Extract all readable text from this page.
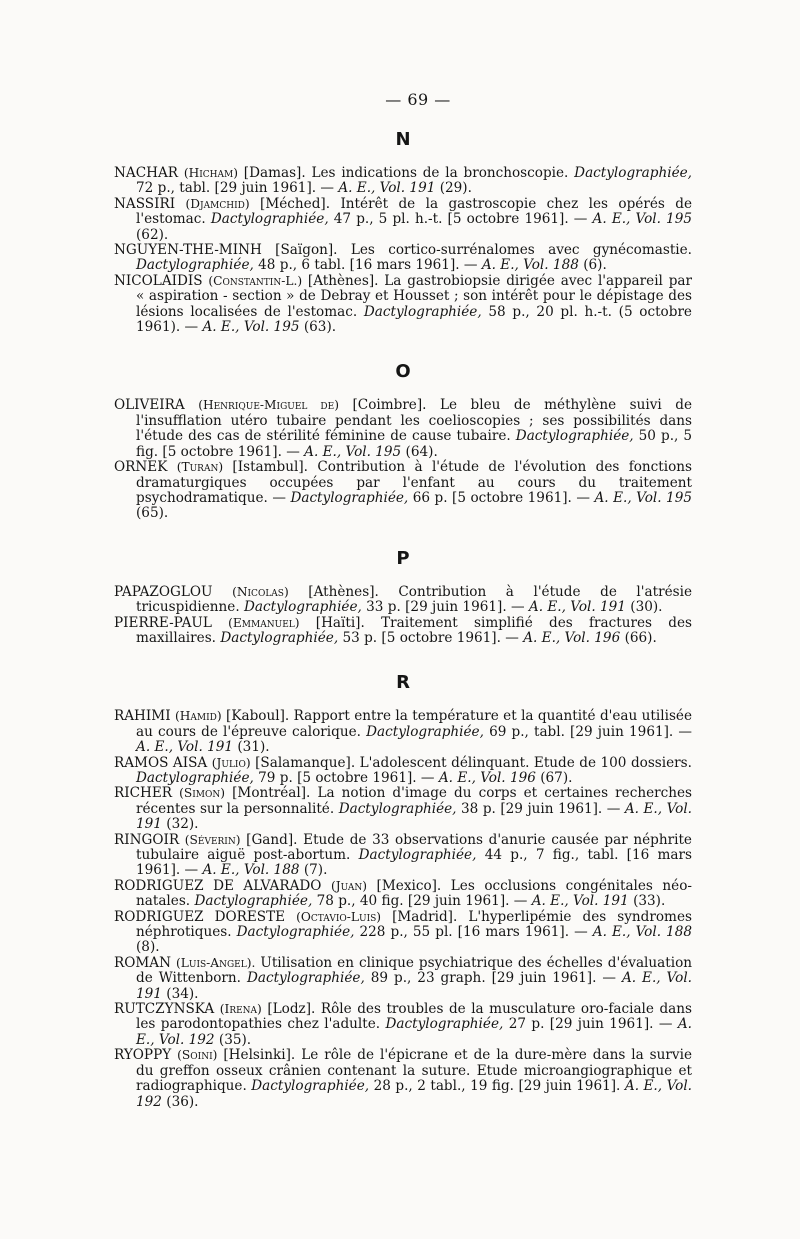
— 69 —
N

NACHAR (Hicham) [Damas]. Les indications de la bronchoscopie. Dactylographiée, 72 p., tabl. [29 juin 1961]. — A. E., Vol. 191 (29).

NASSIRI (Djamchid) [Méched]. Intérêt de la gastroscopie chez les opérés de l'estomac. Dactylographiée, 47 p., 5 pl. h.-t. [5 octobre 1961]. — A. E., Vol. 195 (62).

NGUYEN-THE-MINH [Saïgon]. Les cortico-surrénalomes avec gynécomastie. Dactylographiée, 48 p., 6 tabl. [16 mars 1961]. — A. E., Vol. 188 (6).

NICOLAIDIS (Constantin-L.) [Athènes]. La gastrobiopsie dirigée avec l'appareil par « aspiration - section » de Debray et Housset ; son intérêt pour le dépistage des lésions localisées de l'estomac. Dactylographiée, 58 p., 20 pl. h.-t. (5 octobre 1961). — A. E., Vol. 195 (63).

O

OLIVEIRA (Henrique-Miguel de) [Coimbre]. Le bleu de méthylène suivi de l'insufflation utéro tubaire pendant les coelioscopies ; ses possibilités dans l'étude des cas de stérilité féminine de cause tubaire. Dactylographiée, 50 p., 5 fig. [5 octobre 1961]. — A. E., Vol. 195 (64).

ORNEK (Turan) [Istambul]. Contribution à l'étude de l'évolution des fonctions dramaturgiques occupées par l'enfant au cours du traitement psychodramatique. — Dactylographiée, 66 p. [5 octobre 1961]. — A. E., Vol. 195 (65).

P

PAPAZOGLOU (Nicolas) [Athènes]. Contribution à l'étude de l'atrésie tricuspidienne. Dactylographiée, 33 p. [29 juin 1961]. — A. E., Vol. 191 (30).

PIERRE-PAUL (Emmanuel) [Haïti]. Traitement simplifié des fractures des maxillaires. Dactylographiée, 53 p. [5 octobre 1961]. — A. E., Vol. 196 (66).

R

RAHIMI (Hamid) [Kaboul]. Rapport entre la température et la quantité d'eau utilisée au cours de l'épreuve calorique. Dactylographiée, 69 p., tabl. [29 juin 1961]. — A. E., Vol. 191 (31).

RAMOS AISA (Julio) [Salamanque]. L'adolescent délinquant. Etude de 100 dossiers. Dactylographiée, 79 p. [5 octobre 1961]. — A. E., Vol. 196 (67).

RICHER (Simon) [Montréal]. La notion d'image du corps et certaines recherches récentes sur la personnalité. Dactylographiée, 38 p. [29 juin 1961]. — A. E., Vol. 191 (32).

RINGOIR (Séverin) [Gand]. Etude de 33 observations d'anurie causée par néphrite tubulaire aiguë post-abortum. Dactylographiée, 44 p., 7 fig., tabl. [16 mars 1961]. — A. E., Vol. 188 (7).

RODRIGUEZ DE ALVARADO (Juan) [Mexico]. Les occlusions congénitales néo-natales. Dactylographiée, 78 p., 40 fig. [29 juin 1961]. — A. E., Vol. 191 (33).

RODRIGUEZ DORESTE (Octavio-Luis) [Madrid]. L'hyperlipémie des syndromes néphrotiques. Dactylographiée, 228 p., 55 pl. [16 mars 1961]. — A. E., Vol. 188 (8).

ROMAN (Luis-Angel). Utilisation en clinique psychiatrique des échelles d'évaluation de Wittenborn. Dactylographiée, 89 p., 23 graph. [29 juin 1961]. — A. E., Vol. 191 (34).

RUTCZYNSKA (Irena) [Lodz]. Rôle des troubles de la musculature oro-faciale dans les parodontopathies chez l'adulte. Dactylographiée, 27 p. [29 juin 1961]. — A. E., Vol. 192 (35).

RYOPPY (Soini) [Helsinki]. Le rôle de l'épicrane et de la dure-mère dans la survie du greffon osseux crânien contenant la suture. Etude microangiographique et radiographique. Dactylographiée, 28 p., 2 tabl., 19 fig. [29 juin 1961]. A. E., Vol. 192 (36).
